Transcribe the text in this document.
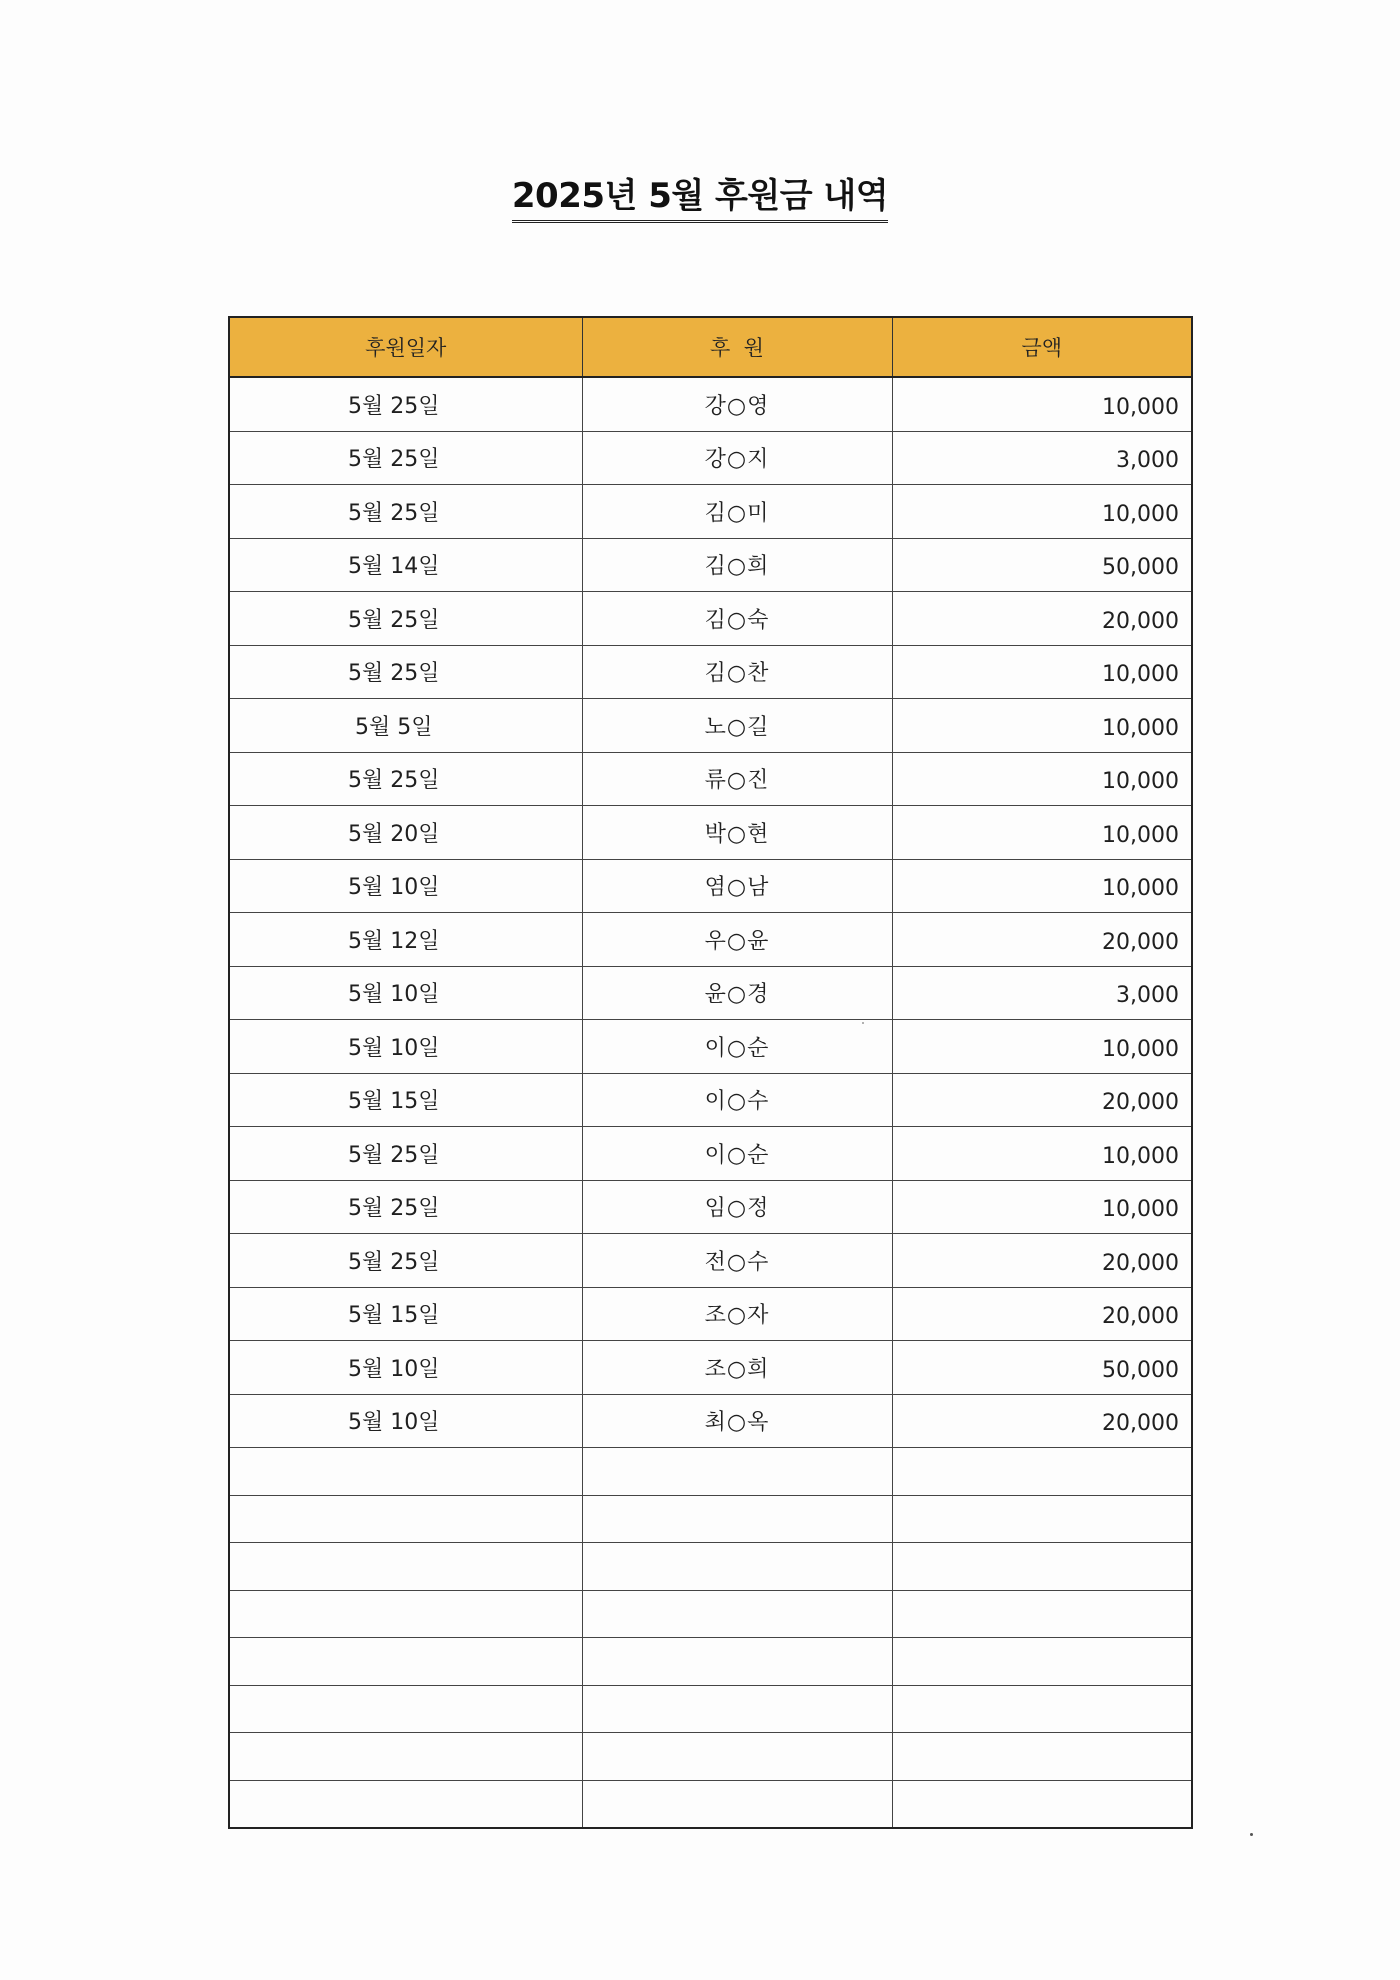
2025년 5월 후원금 내역
후원일자	후  원	금액
5월 25일	강○영	10,000
5월 25일	강○지	3,000
5월 25일	김○미	10,000
5월 14일	김○희	50,000
5월 25일	김○숙	20,000
5월 25일	김○찬	10,000
5월 5일	노○길	10,000
5월 25일	류○진	10,000
5월 20일	박○현	10,000
5월 10일	염○남	10,000
5월 12일	우○윤	20,000
5월 10일	윤○경	3,000
5월 10일	이○순	10,000
5월 15일	이○수	20,000
5월 25일	이○순	10,000
5월 25일	임○정	10,000
5월 25일	전○수	20,000
5월 15일	조○자	20,000
5월 10일	조○희	50,000
5월 10일	최○옥	20,000
